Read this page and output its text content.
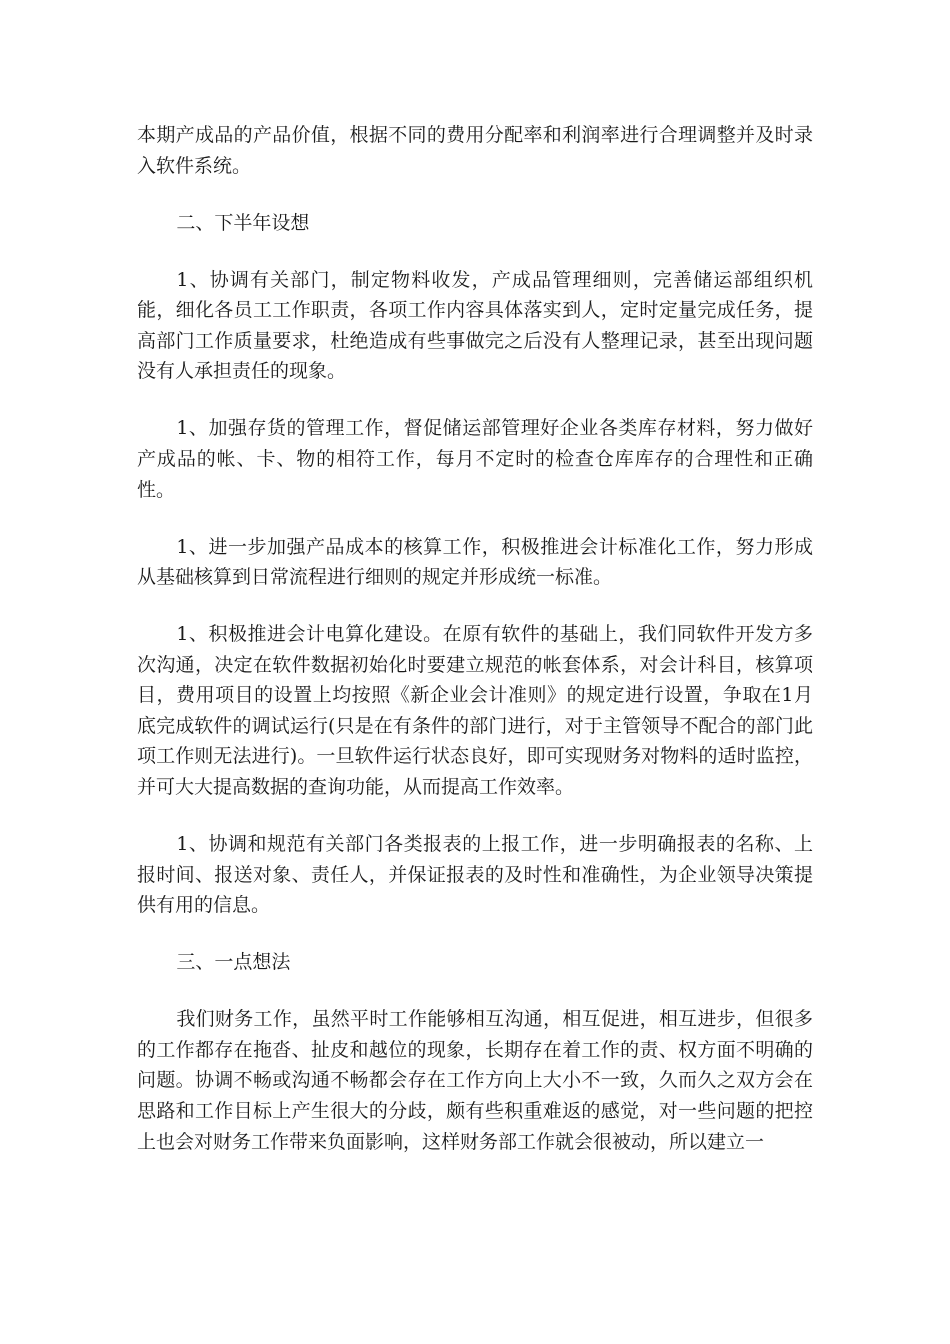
本期产成品的产品价值，根据不同的费用分配率和利润率进行合理调整并及时录入软件系统。

二、下半年设想

1、协调有关部门，制定物料收发，产成品管理细则，完善储运部组织机能，细化各员工工作职责，各项工作内容具体落实到人，定时定量完成任务，提高部门工作质量要求，杜绝造成有些事做完之后没有人整理记录，甚至出现问题没有人承担责任的现象。

1、加强存货的管理工作，督促储运部管理好企业各类库存材料，努力做好产成品的帐、卡、物的相符工作，每月不定时的检查仓库库存的合理性和正确性。

1、进一步加强产品成本的核算工作，积极推进会计标准化工作，努力形成从基础核算到日常流程进行细则的规定并形成统一标准。

1、积极推进会计电算化建设。在原有软件的基础上，我们同软件开发方多次沟通，决定在软件数据初始化时要建立规范的帐套体系，对会计科目，核算项目，费用项目的设置上均按照《新企业会计准则》的规定进行设置，争取在1月底完成软件的调试运行(只是在有条件的部门进行，对于主管领导不配合的部门此项工作则无法进行)。一旦软件运行状态良好，即可实现财务对物料的适时监控，并可大大提高数据的查询功能，从而提高工作效率。

1、协调和规范有关部门各类报表的上报工作，进一步明确报表的名称、上报时间、报送对象、责任人，并保证报表的及时性和准确性，为企业领导决策提供有用的信息。

三、一点想法

我们财务工作，虽然平时工作能够相互沟通，相互促进，相互进步，但很多的工作都存在拖沓、扯皮和越位的现象，长期存在着工作的责、权方面不明确的问题。协调不畅或沟通不畅都会存在工作方向上大小不一致，久而久之双方会在思路和工作目标上产生很大的分歧，颇有些积重难返的感觉，对一些问题的把控上也会对财务工作带来负面影响，这样财务部工作就会很被动，所以建立一
